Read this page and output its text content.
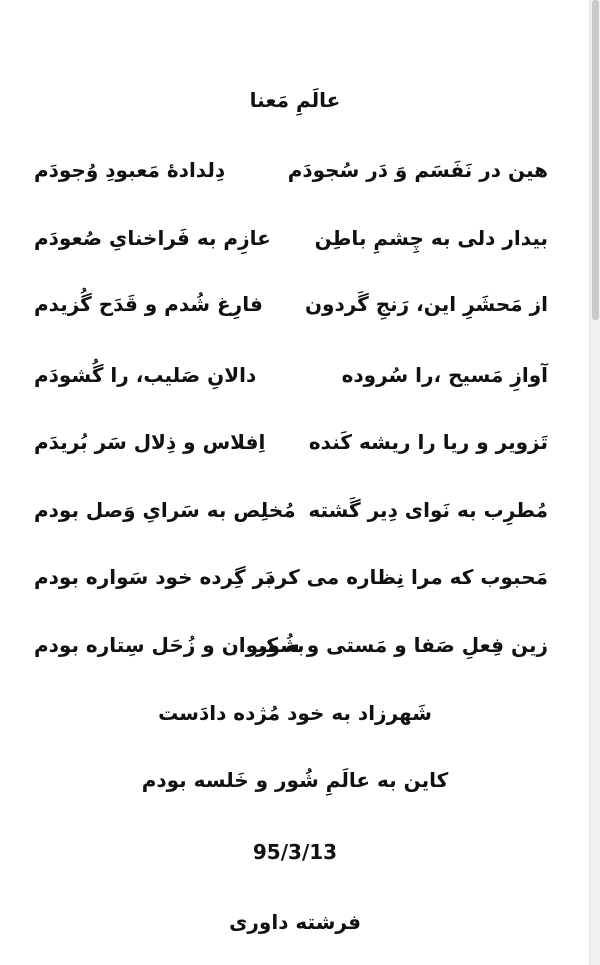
عالَمِ مَعنا
هین در نَفَسَم وَ دَر سُجودَم
دِلدادهٔ مَعبودِ وُجودَم
بیدار دلی به چِشمِ باطِن
عازِم به فَراخنایِ صُعودَم
از مَحشَرِ این، رَنجِ گَردون
فارِغ شُدم و قَدَح گُزیدم
آوازِ مَسیح ،را سُروده
دالانِ صَلیب، را گُشودَم
تَزویر و ریا را ریشه کَنده
اِفلاس و ذِلال سَر بُریدَم
مُطرِب به نَوای دِیر گَشته
مُخلِص به سَرایِ وَصل بودم
مَحبوب که مرا نِظاره می کرد
بَر گِرده خود سَواره بودم
زین فِعلِ صَفا و مَستی و شُور
به کِیوان و زُحَل سِتاره بودم
شَهرزاد به خود مُژده دادَست
کاین به عالَمِ شُور و خَلسه بودم
95/3/13
فرشته داوری
